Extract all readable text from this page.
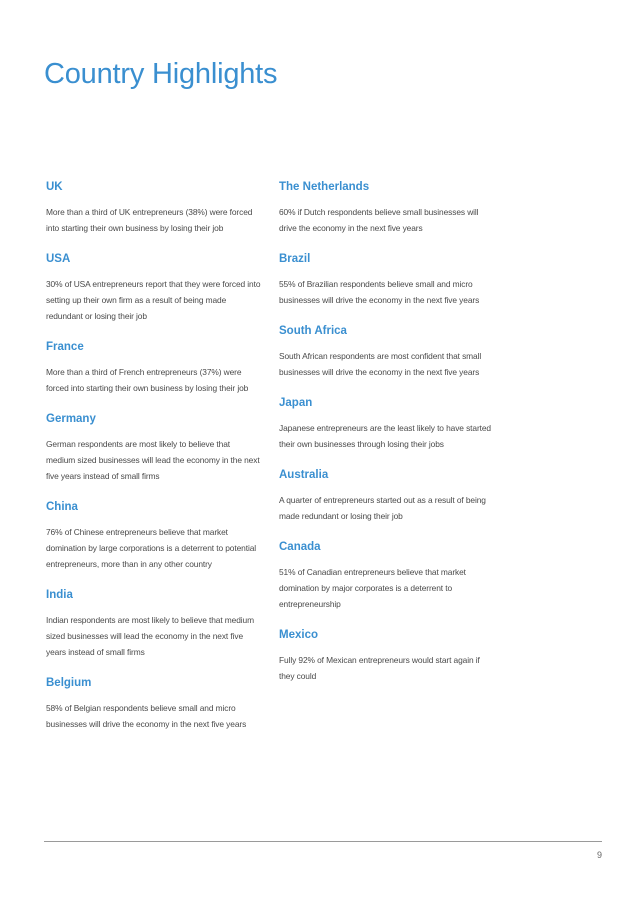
Country Highlights
UK

More than a third of UK entrepreneurs (38%) were forced into starting their own business by losing their job

USA

30% of USA entrepreneurs report that they were forced into setting up their own firm as a result of being made redundant or losing their job

France

More than a third of French entrepreneurs (37%) were forced into starting their own business by losing their job

Germany

German respondents are most likely to believe that medium sized businesses will lead the economy in the next five years instead of small firms

China

76% of Chinese entrepreneurs believe that market domination by large corporations is a deterrent to potential entrepreneurs, more than in any other country

India

Indian respondents are most likely to believe that medium sized businesses will lead the economy in the next five years instead of small firms

Belgium

58% of Belgian respondents believe small and micro businesses will drive the economy in the next five years

The Netherlands

60% if Dutch respondents believe small businesses will drive the economy in the next five years

Brazil

55% of Brazilian respondents believe small and micro businesses will drive the economy in the next five years

South Africa

South African respondents are most confident that small businesses will drive the economy in the next five years

Japan

Japanese entrepreneurs are the least likely to have started their own businesses through losing their jobs

Australia

A quarter of entrepreneurs started out as a result of being made redundant or losing their job

Canada

51% of Canadian entrepreneurs believe that market domination by major corporates is a deterrent to entrepreneurship

Mexico

Fully 92% of Mexican entrepreneurs would start again if they could

9
